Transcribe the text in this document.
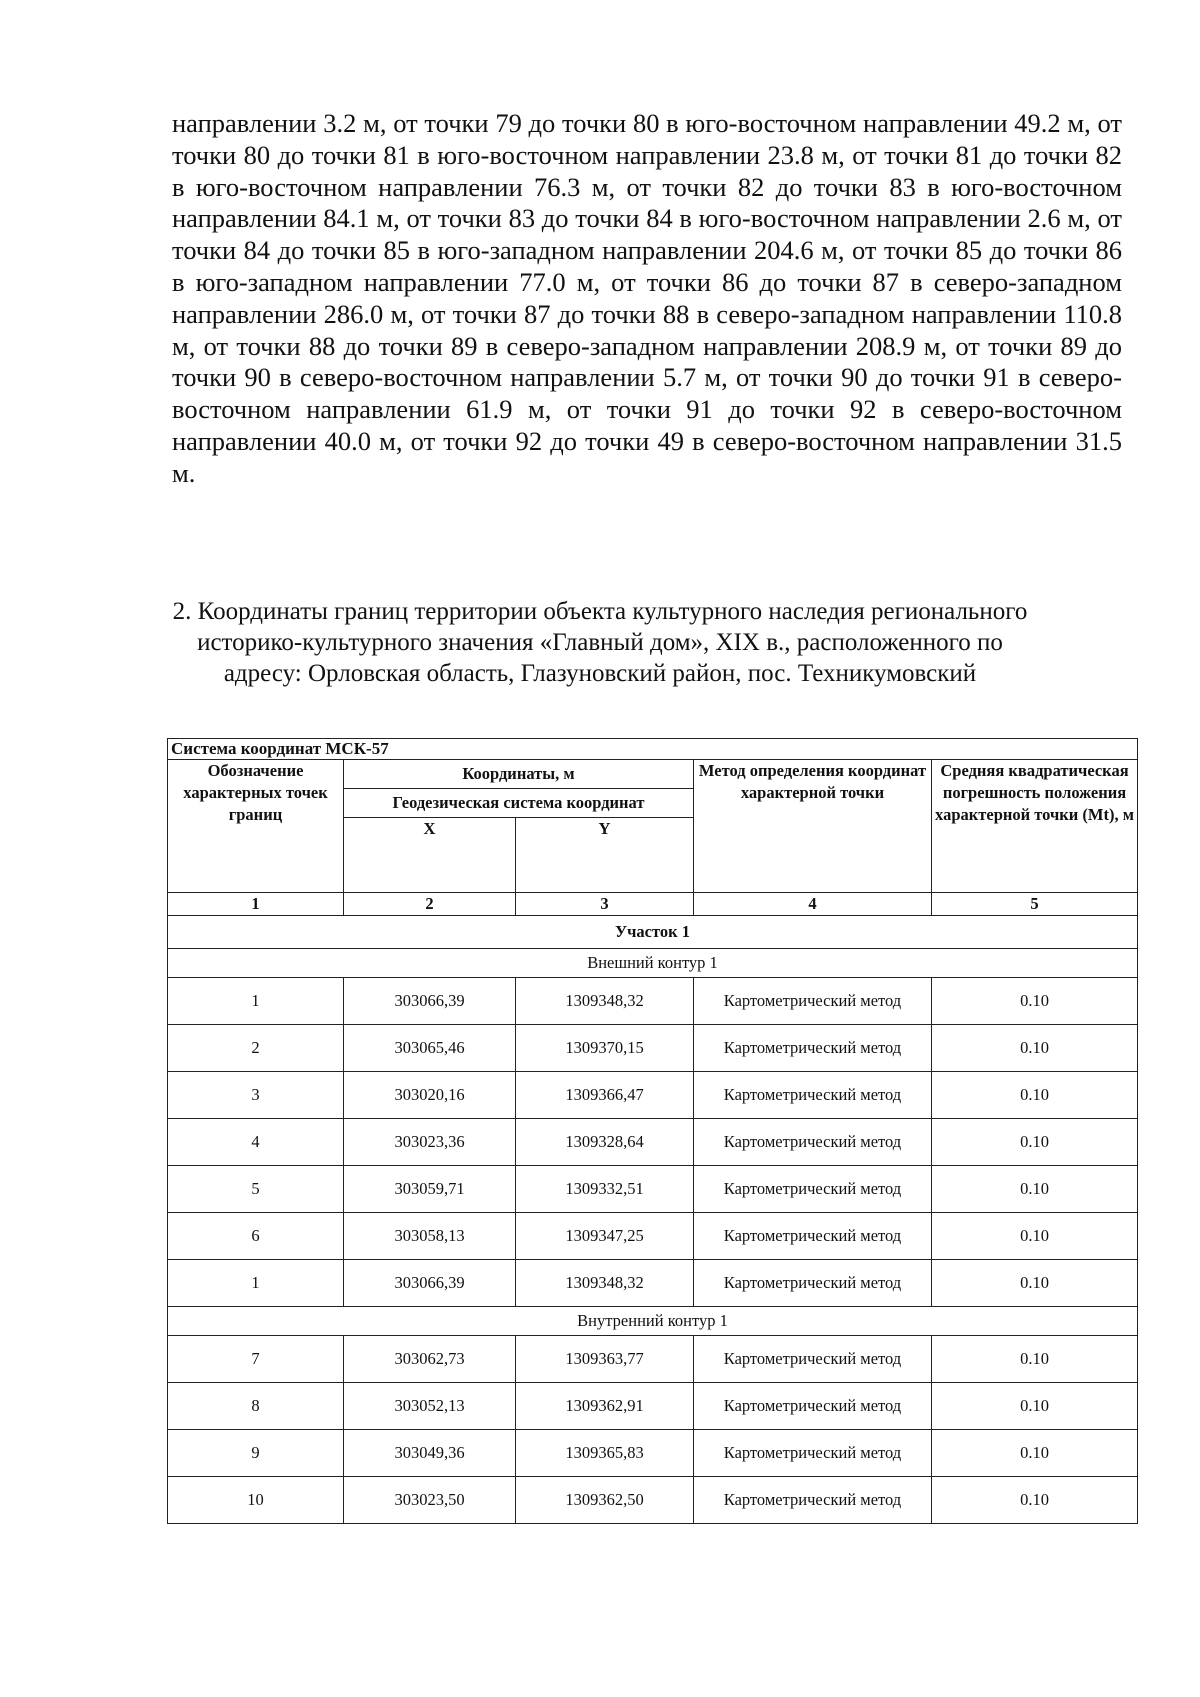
направлении 3.2 м, от точки 79 до точки 80 в юго-восточном направлении 49.2 м, от точки 80 до точки 81 в юго-восточном направлении 23.8 м, от точки 81 до точки 82 в юго-восточном направлении 76.3 м, от точки 82 до точки 83 в юго-восточном направлении 84.1 м, от точки 83 до точки 84 в юго-восточном направлении 2.6 м, от точки 84 до точки 85 в юго-западном направлении 204.6 м, от точки 85 до точки 86 в юго-западном направлении 77.0 м, от точки 86 до точки 87 в северо-западном направлении 286.0 м, от точки 87 до точки 88 в северо-западном направлении 110.8 м, от точки 88 до точки 89 в северо-западном направлении 208.9 м, от точки 89 до точки 90 в северо-восточном направлении 5.7 м, от точки 90 до точки 91 в северо-восточном направлении 61.9 м, от точки 91 до точки 92 в северо-восточном направлении 40.0 м, от точки 92 до точки 49 в северо-восточном направлении 31.5 м.

2. Координаты границ территории объекта культурного наследия регионального историко-культурного значения «Главный дом», XIX в., расположенного по адресу: Орловская область, Глазуновский район, пос. Техникумовский

Система координат МСК-57				
Обозначение характерных точек границ	Координаты, м		Метод определения координат характерной точки	Средняя квадратическая погрешность положения характерной точки (Mt), м
	Геодезическая система координат			
	X	Y		
1	2	3	4	5
Участок 1				
Внешний контур 1				
1	303066,39	1309348,32	Картометрический метод	0.10
2	303065,46	1309370,15	Картометрический метод	0.10
3	303020,16	1309366,47	Картометрический метод	0.10
4	303023,36	1309328,64	Картометрический метод	0.10
5	303059,71	1309332,51	Картометрический метод	0.10
6	303058,13	1309347,25	Картометрический метод	0.10
1	303066,39	1309348,32	Картометрический метод	0.10
Внутренний контур 1				
7	303062,73	1309363,77	Картометрический метод	0.10
8	303052,13	1309362,91	Картометрический метод	0.10
9	303049,36	1309365,83	Картометрический метод	0.10
10	303023,50	1309362,50	Картометрический метод	0.10
